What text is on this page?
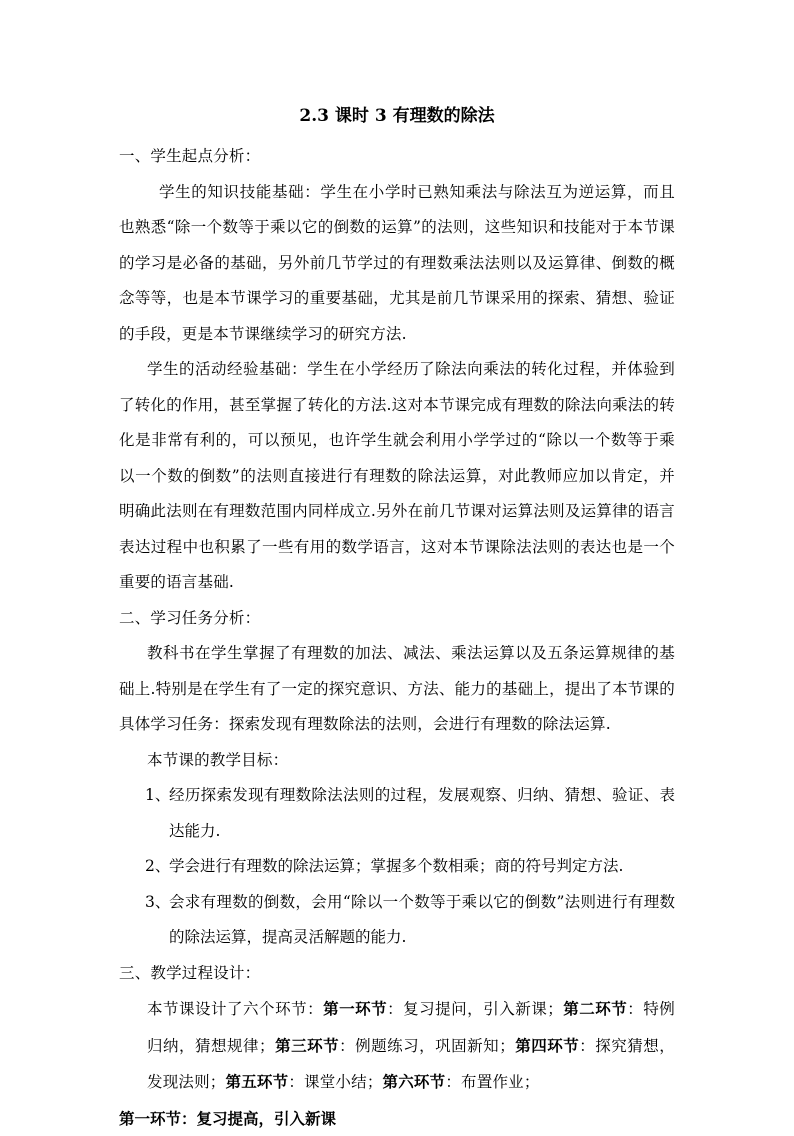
2.3 课时 3 有理数的除法

一、学生起点分析：

学生的知识技能基础：学生在小学时已熟知乘法与除法互为逆运算，而且也熟悉“除一个数等于乘以它的倒数的运算”的法则，这些知识和技能对于本节课的学习是必备的基础，另外前几节学过的有理数乘法法则以及运算律、倒数的概念等等，也是本节课学习的重要基础，尤其是前几节课采用的探索、猜想、验证的手段，更是本节课继续学习的研究方法.

学生的活动经验基础：学生在小学经历了除法向乘法的转化过程，并体验到了转化的作用，甚至掌握了转化的方法.这对本节课完成有理数的除法向乘法的转化是非常有利的，可以预见，也许学生就会利用小学学过的“除以一个数等于乘以一个数的倒数”的法则直接进行有理数的除法运算，对此教师应加以肯定，并明确此法则在有理数范围内同样成立.另外在前几节课对运算法则及运算律的语言表达过程中也积累了一些有用的数学语言，这对本节课除法法则的表达也是一个重要的语言基础.

二、学习任务分析：

教科书在学生掌握了有理数的加法、减法、乘法运算以及五条运算规律的基础上.特别是在学生有了一定的探究意识、方法、能力的基础上，提出了本节课的具体学习任务：探索发现有理数除法的法则，会进行有理数的除法运算.

本节课的教学目标：

1、
经历探索发现有理数除法法则的过程，发展观察、归纳、猜想、验证、表达能力.
2、
学会进行有理数的除法运算；掌握多个数相乘；商的符号判定方法.
3、
会求有理数的倒数，会用“除以一个数等于乘以它的倒数”法则进行有理数的除法运算，提高灵活解题的能力.

三、教学过程设计：

本节课设计了六个环节：第一环节：复习提问，引入新课；第二环节：特例归纳，猜想规律；第三环节：例题练习，巩固新知；第四环节：探究猜想，发现法则；第五环节：课堂小结；第六环节：布置作业；

第一环节：复习提高，引入新课
